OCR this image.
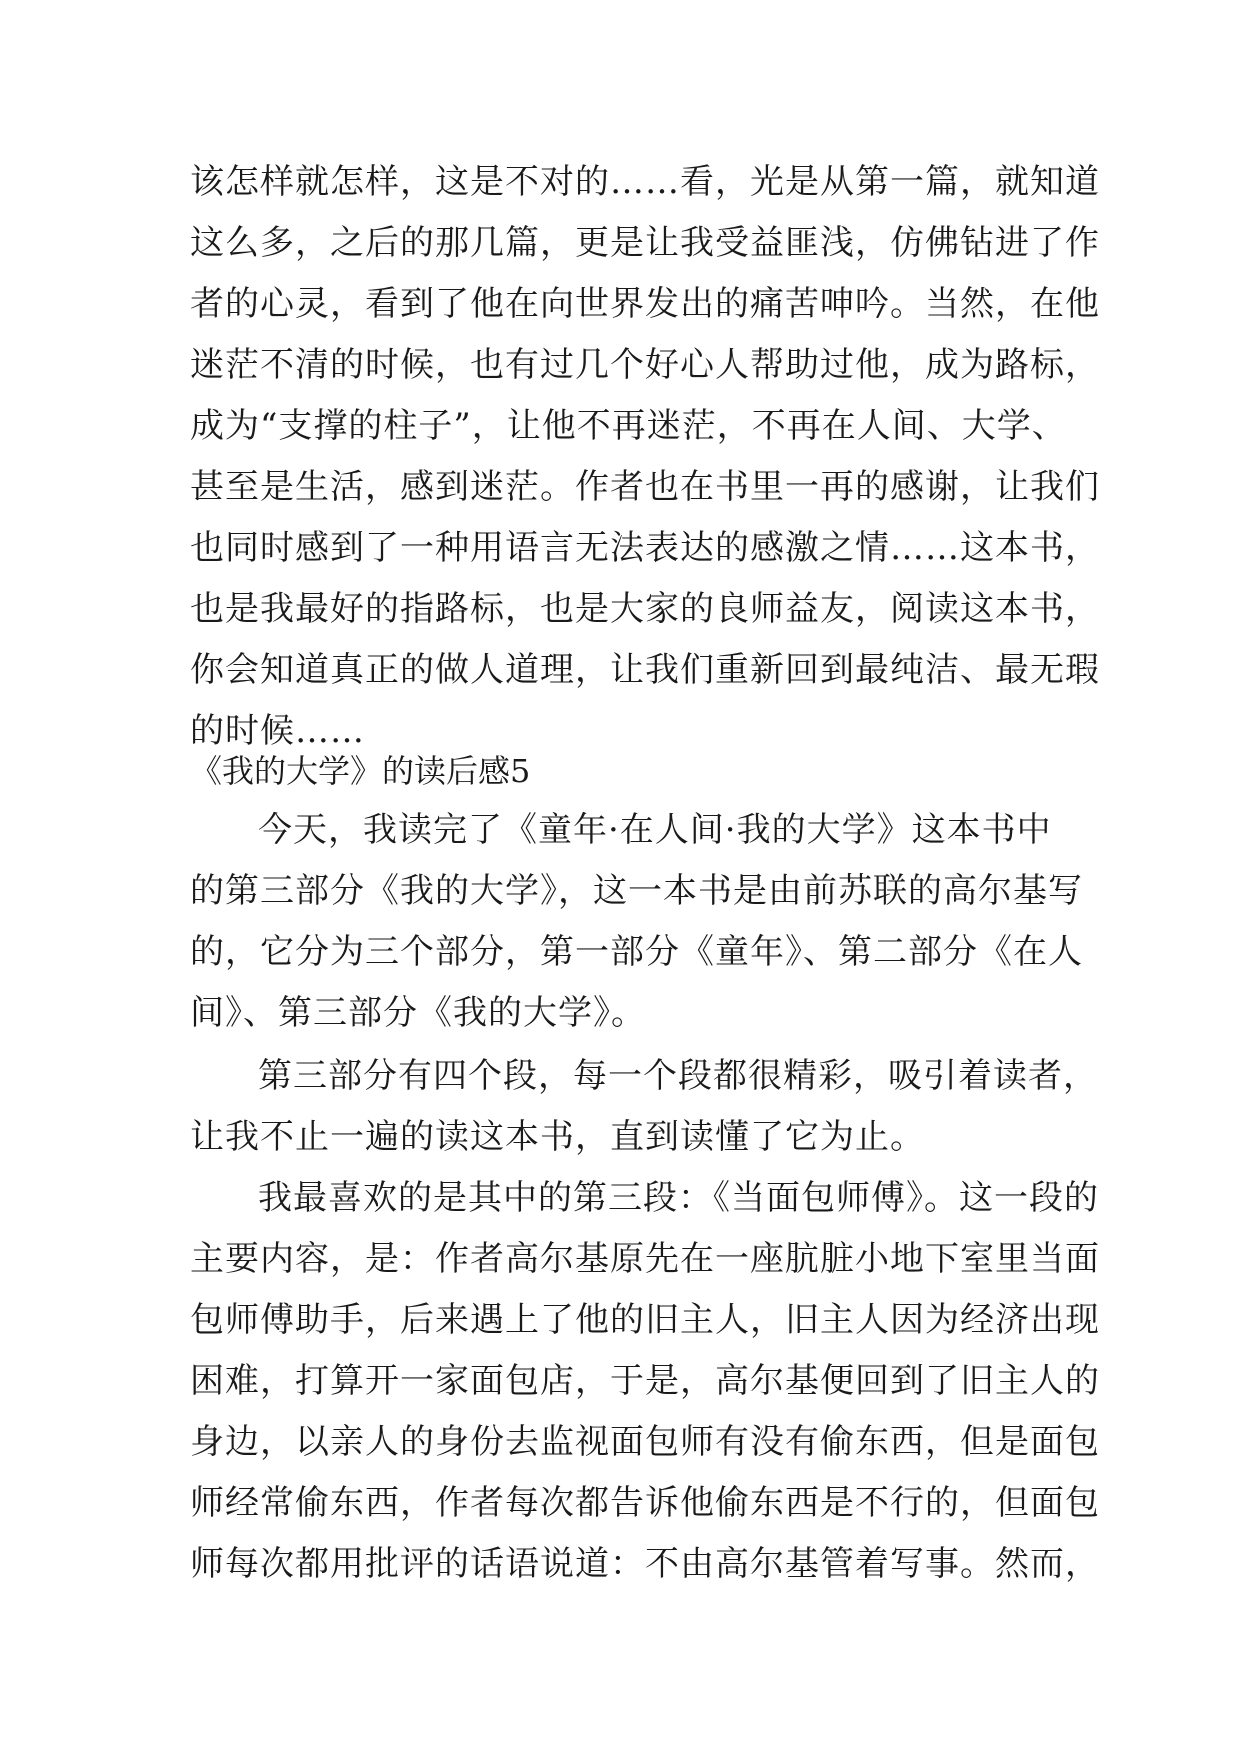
该怎样就怎样，这是不对的……看，光是从第一篇，就知道
这么多，之后的那几篇，更是让我受益匪浅，仿佛钻进了作
者的心灵，看到了他在向世界发出的痛苦呻吟。当然，在他
迷茫不清的时候，也有过几个好心人帮助过他，成为路标，
成为“支撑的柱子”，让他不再迷茫，不再在人间、大学、
甚至是生活，感到迷茫。作者也在书里一再的感谢，让我们
也同时感到了一种用语言无法表达的感激之情……这本书，
也是我最好的指路标，也是大家的良师益友，阅读这本书，
你会知道真正的做人道理，让我们重新回到最纯洁、最无瑕
的时候……
《我的大学》的读后感5
今天，我读完了《童年·在人间·我的大学》这本书中
的第三部分《我的大学》，这一本书是由前苏联的高尔基写
的，它分为三个部分，第一部分《童年》、第二部分《在人
间》、第三部分《我的大学》。
第三部分有四个段，每一个段都很精彩，吸引着读者，
让我不止一遍的读这本书，直到读懂了它为止。
我最喜欢的是其中的第三段：《当面包师傅》。这一段的
主要内容，是：作者高尔基原先在一座肮脏小地下室里当面
包师傅助手，后来遇上了他的旧主人，旧主人因为经济出现
困难，打算开一家面包店，于是，高尔基便回到了旧主人的
身边，以亲人的身份去监视面包师有没有偷东西，但是面包
师经常偷东西，作者每次都告诉他偷东西是不行的，但面包
师每次都用批评的话语说道：不由高尔基管着写事。然而，
